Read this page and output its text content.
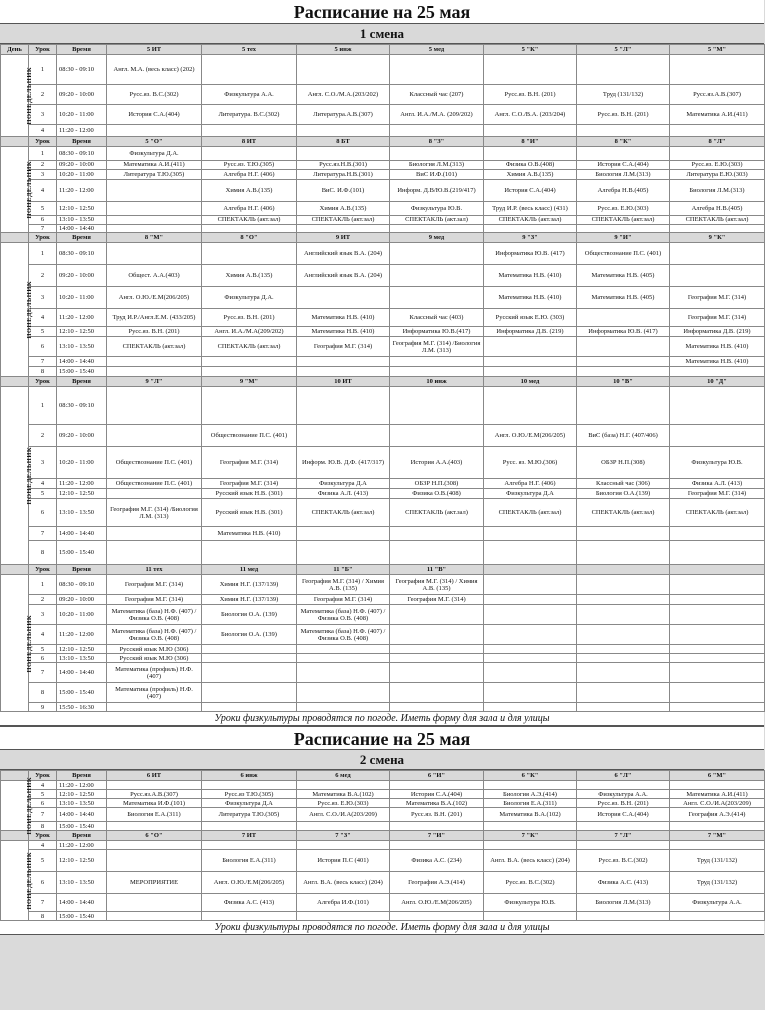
Расписание на 25 мая
1 смена
День	Урок	Время	5 ИТ	5 тех	5 инж	5 мед	5 "К"	5 "Л"	5 "М"
ПОНЕДЕЛЬНИК	1	08:30 - 09:10	Англ. М.А. (весь класс) (202)						
	2	09:20 - 10:00	Русс.яз. В.С.(302)	Физкультура А.А.	Англ. С.О./М.А.(203/202)	Классный час (207)	Русс.яз. В.Н. (201)	Труд (131/132)	Русс.яз.А.В.(307)
	3	10:20 - 11:00	История С.А.(404)	Литература. В.С.(302)	Литература.А.В.(307)	Англ. И.А./М.А. (209/202)	Англ. С.О./В.А. (203/204)	Русс.яз. В.Н. (201)	Математика А.И.(411)
	4	11:20 - 12:00							
	Урок	Время	5 "О"	8 ИТ	8 БТ	8 "З"	8 "И"	8 "К"	8 "Л"
ПОНЕДЕЛЬНИК	1	08:30 - 09:10	Физкультура Д.А.						
	2	09:20 - 10:00	Математика А.И.(411)	Русс.яз. Т.Ю.(305)	Русс.яз.Н.В.(301)	Биология Л.М.(313)	Физика О.В.(408)	История С.А.(404)	Русс.яз. Е.Ю.(303)
	3	10:20 - 11:00	Литература Т.Ю.(305)	Алгебра Н.Г. (406)	Литература.Н.В.(301)	ВиС И.Ф.(101)	Химия А.В.(135)	Биология Л.М.(313)	Литература Е.Ю.(303)
	4	11:20 - 12:00		Химия А.В.(135)	ВиС. И.Ф.(101)	Информ. Д.В/Ю.В.(219/417)	История С.А.(404)	Алгебра Н.В.(405)	Биология Л.М.(313)
	5	12:10 - 12:50		Алгебра Н.Г. (406)	Химия А.В.(135)	Физкультура Ю.В.	Труд И.Р. (весь класс) (431)	Русс.яз. Е.Ю.(303)	Алгебра Н.В.(405)
	6	13:10 - 13:50		СПЕКТАКЛЬ (акт.зал)	СПЕКТАКЛЬ (акт.зал)	СПЕКТАКЛЬ (акт.зал)	СПЕКТАКЛЬ (акт.зал)	СПЕКТАКЛЬ (акт.зал)	СПЕКТАКЛЬ (акт.зал)
	7	14:00 - 14:40							
	Урок	Время	8 "М"	8 "О"	9 ИТ	9 мед	9 "З"	9 "И"	9 "К"
ПОНЕДЕЛЬНИК	1	08:30 - 09:10			Английский язык В.А. (204)		Информатика Ю.В. (417)	Обществознание П.С. (401)	
	2	09:20 - 10:00	Общест. А.А.(403)	Химия А.В.(135)	Английский язык В.А. (204)		Математика Н.В. (410)	Математика Н.В. (405)	
	3	10:20 - 11:00	Англ. О.Ю./Е.М(206/205)	Физкультура Д.А.			Математика Н.В. (410)	Математика Н.В. (405)	География М.Г. (314)
	4	11:20 - 12:00	Труд И.Р./Англ.Е.М. (433/205)	Русс.яз. В.Н. (201)	Математика Н.В. (410)	Классный час (403)	Русский язык Е.Ю. (303)		География М.Г. (314)
	5	12:10 - 12:50	Русс.яз. В.Н. (201)	Англ. И.А./М.А(209/202)	Математика Н.В. (410)	Информатика Ю.В.(417)	Информатика Д.В. (219)	Информатика Ю.В. (417)	Информатика Д.В. (219)
	6	13:10 - 13:50	СПЕКТАКЛЬ (акт.зал)	СПЕКТАКЛЬ (акт.зал)	География М.Г. (314)	География М.Г. (314) /Биология Л.М. (313)			Математика Н.В. (410)
	7	14:00 - 14:40							Математика Н.В. (410)
	8	15:00 - 15:40							
	Урок	Время	9 "Л"	9 "М"	10 ИТ	10 инж	10 мед	10 "В"	10 "Д"
ПОНЕДЕЛЬНИК	1	08:30 - 09:10							
	2	09:20 - 10:00		Обществознание П.С. (401)			Англ. О.Ю./Е.М(206/205)	ВиС (база) Н.Г. (407/406)	
	3	10:20 - 11:00	Обществознание П.С. (401)	География М.Г. (314)	Информ. Ю.В. Д.Ф. (417/317)	История А.А.(403)	Русс. яз. М.Ю.(306)	ОБЗР Н.П.(308)	Физкультура Ю.В.
	4	11:20 - 12:00	Обществознание П.С. (401)	География М.Г. (314)	Физкультура Д.А	ОБЗР Н.П.(308)	Алгебра Н.Г. (406)	Классный час (306)	Физика А.Л. (413)
	5	12:10 - 12:50		Русский язык Н.В. (301)	Физика А.Л. (413)	Физика О.В.(408)	Физкультура Д.А	Биология О.А.(139)	География М.Г. (314)
	6	13:10 - 13:50	География М.Г. (314) /Биология Л.М. (313)	Русский язык Н.В. (301)	СПЕКТАКЛЬ (акт.зал)	СПЕКТАКЛЬ (акт.зал)	СПЕКТАКЛЬ (акт.зал)	СПЕКТАКЛЬ (акт.зал)	СПЕКТАКЛЬ (акт.зал)
	7	14:00 - 14:40		Математика Н.В. (410)					
	8	15:00 - 15:40							
	Урок	Время	11 тех	11 мед	11 "Б"	11 "В"			
ПОНЕДЕЛЬНИК	1	08:30 - 09:10	География М.Г. (314)	Химия Н.Г. (137/139)	География М.Г. (314) / Химия А.В. (135)	География М.Г. (314) / Химия А.В. (135)			
	2	09:20 - 10:00	География М.Г. (314)	Химия Н.Г. (137/139)	География М.Г. (314)	География М.Г. (314)			
	3	10:20 - 11:00	Математика (база) Н.Ф. (407) / Физика О.В. (408)	Биология О.А. (139)	Математика (база) Н.Ф. (407) / Физика О.В. (408)				
	4	11:20 - 12:00	Математика (база) Н.Ф. (407) / Физика О.В. (408)	Биология О.А. (139)	Математика (база) Н.Ф. (407) / Физика О.В. (408)				
	5	12:10 - 12:50	Русский язык М.Ю (306)						
	6	13:10 - 13:50	Русский язык М.Ю (306)						
	7	14:00 - 14:40	Математика (профиль) Н.Ф. (407)						
	8	15:00 - 15:40	Математика (профиль) Н.Ф. (407)						
	9	15:50 - 16:30							
Уроки физкультуры проводятся по погоде. Иметь форму для зала и для улицы
Расписание на 25 мая
2 смена
	Урок	Время	6 ИТ	6 инж	6 мед	6 "И"	6 "К"	6 "Л"	6 "М"
ПОНЕДЕЛЬНИК	4	11:20 - 12:00							
	5	12:10 - 12:50	Русс.яз.А.В.(307)	Русс.яз Т.Ю.(305)	Математика В.А.(102)	История С.А.(404)	Биология А.Э.(414)	Физкультура А.А.	Математика А.И.(411)
	6	13:10 - 13:50	Математика И.Ф.(101)	Физкультура Д.А	Русс.яз. Е.Ю.(303)	Математика В.А.(102)	Биология Е.А.(311)	Русс.яз. В.Н. (201)	Англ. С.О./И.А(203/209)
	7	14:00 - 14:40	Биология Е.А.(311)	Литература Т.Ю.(305)	Англ. С.О./И.А(203/209)	Русс.яз. В.Н. (201)	Математика В.А.(102)	История С.А.(404)	География А.Э.(414)
	8	15:00 - 15:40							
	Урок	Время	6 "О"	7 ИТ	7 "З"	7 "И"	7 "К"	7 "Л"	7 "М"
ПОНЕДЕЛЬНИК	4	11:20 - 12:00							
	5	12:10 - 12:50		Биология Е.А.(311)	История П.С (401)	Физика А.С. (234)	Англ. В.А. (весь класс) (204)	Русс.яз. В.С.(302)	Труд (131/132)
	6	13:10 - 13:50	МЕРОПРИЯТИЕ	Англ. О.Ю./Е.М(206/205)	Англ. В.А. (весь класс) (204)	География А.Э.(414)	Русс.яз. В.С.(302)	Физика А.С. (413)	Труд (131/132)
	7	14:00 - 14:40		Физика А.С. (413)	Алгебра И.Ф.(101)	Англ. О.Ю./Е.М(206/205)	Физкультура Ю.В.	Биология Л.М.(313)	Физкультура А.А.
	8	15:00 - 15:40							
Уроки физкультуры проводятся по погоде. Иметь форму для зала и для улицы
